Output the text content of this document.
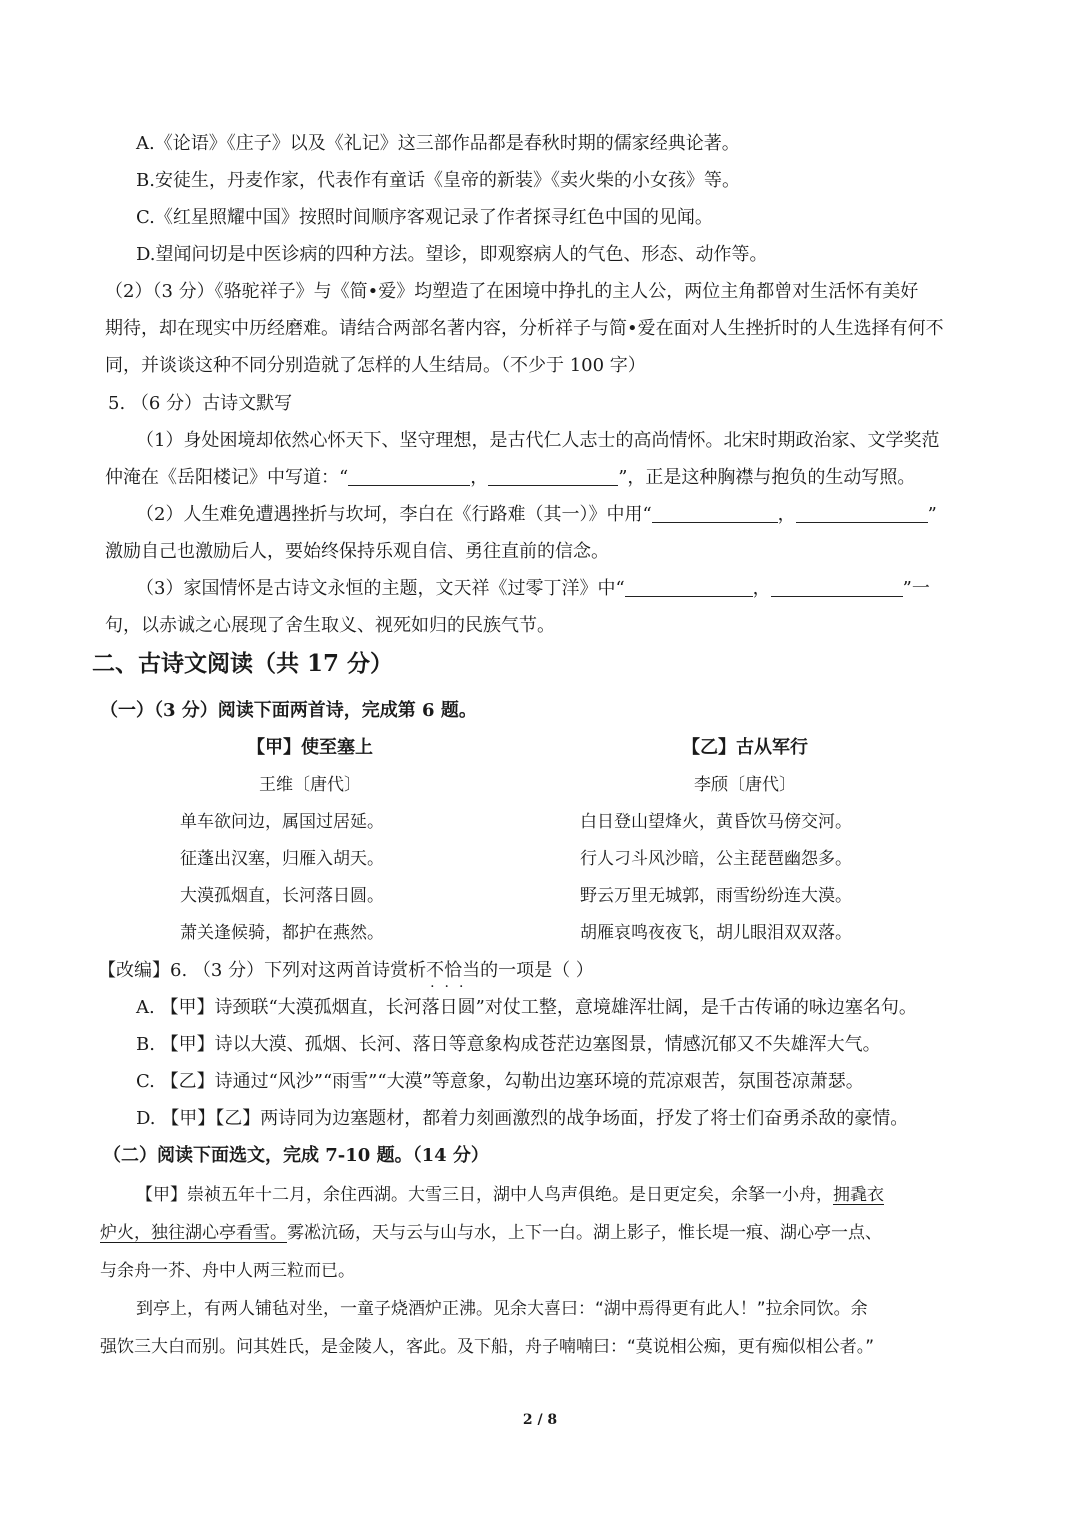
A.《论语》《庄子》以及《礼记》这三部作品都是春秋时期的儒家经典论著。
B.安徒生，丹麦作家，代表作有童话《皇帝的新装》《卖火柴的小女孩》等。
C.《红星照耀中国》按照时间顺序客观记录了作者探寻红色中国的见闻。
D.望闻问切是中医诊病的四种方法。望诊，即观察病人的气色、形态、动作等。
（2）（3 分）《骆驼祥子》与《简•爱》均塑造了在困境中挣扎的主人公，两位主角都曾对生活怀有美好
期待，却在现实中历经磨难。请结合两部名著内容，分析祥子与简•爱在面对人生挫折时的人生选择有何不
同，并谈谈这种不同分别造就了怎样的人生结局。（不少于 100 字）
5. （6 分）古诗文默写
（1）身处困境却依然心怀天下、坚守理想，是古代仁人志士的高尚情怀。北宋时期政治家、文学奖范
仲淹在《岳阳楼记》中写道：“	，	”，正是这种胸襟与抱负的生动写照。
（2）人生难免遭遇挫折与坎坷，李白在《行路难（其一）》中用“	，	”
激励自己也激励后人，要始终保持乐观自信、勇往直前的信念。
（3）家国情怀是古诗文永恒的主题，文天祥《过零丁洋》中“	，	”一
句，以赤诚之心展现了舍生取义、视死如归的民族气节。
二、古诗文阅读（共 17 分）
（一）（3 分）阅读下面两首诗，完成第 6 题。
【甲】使至塞上
王维〔唐代〕
单车欲问边，属国过居延。
征蓬出汉塞，归雁入胡天。
大漠孤烟直，长河落日圆。
萧关逢候骑，都护在燕然。
【乙】古从军行
李颀〔唐代〕
白日登山望烽火，黄昏饮马傍交河。
行人刁斗风沙暗，公主琵琶幽怨多。
野云万里无城郭，雨雪纷纷连大漠。
胡雁哀鸣夜夜飞，胡儿眼泪双双落。
【改编】6. （3 分）下列对这两首诗赏析不恰当 · · ·的一项是（ ）
A. 【甲】诗颈联“大漠孤烟直，长河落日圆”对仗工整，意境雄浑壮阔，是千古传诵的咏边塞名句。
B. 【甲】诗以大漠、孤烟、长河、落日等意象构成苍茫边塞图景，情感沉郁又不失雄浑大气。
C. 【乙】诗通过“风沙”“雨雪”“大漠”等意象，勾勒出边塞环境的荒凉艰苦，氛围苍凉萧瑟。
D. 【甲】【乙】两诗同为边塞题材，都着力刻画激烈的战争场面，抒发了将士们奋勇杀敌的豪情。
（二）阅读下面选文，完成 7-10 题。（14 分）
【甲】崇祯五年十二月，余住西湖。大雪三日，湖中人鸟声俱绝。是日更定矣，余拏一小舟，拥毳衣
炉火，独往湖心亭看雪。雾凇沆砀，天与云与山与水，上下一白。湖上影子，惟长堤一痕、湖心亭一点、
与余舟一芥、舟中人两三粒而已。
到亭上，有两人铺毡对坐，一童子烧酒炉正沸。见余大喜曰：“湖中焉得更有此人！”拉余同饮。余
强饮三大白而别。问其姓氏，是金陵人，客此。及下船，舟子喃喃曰：“莫说相公痴，更有痴似相公者。”
2 / 8
